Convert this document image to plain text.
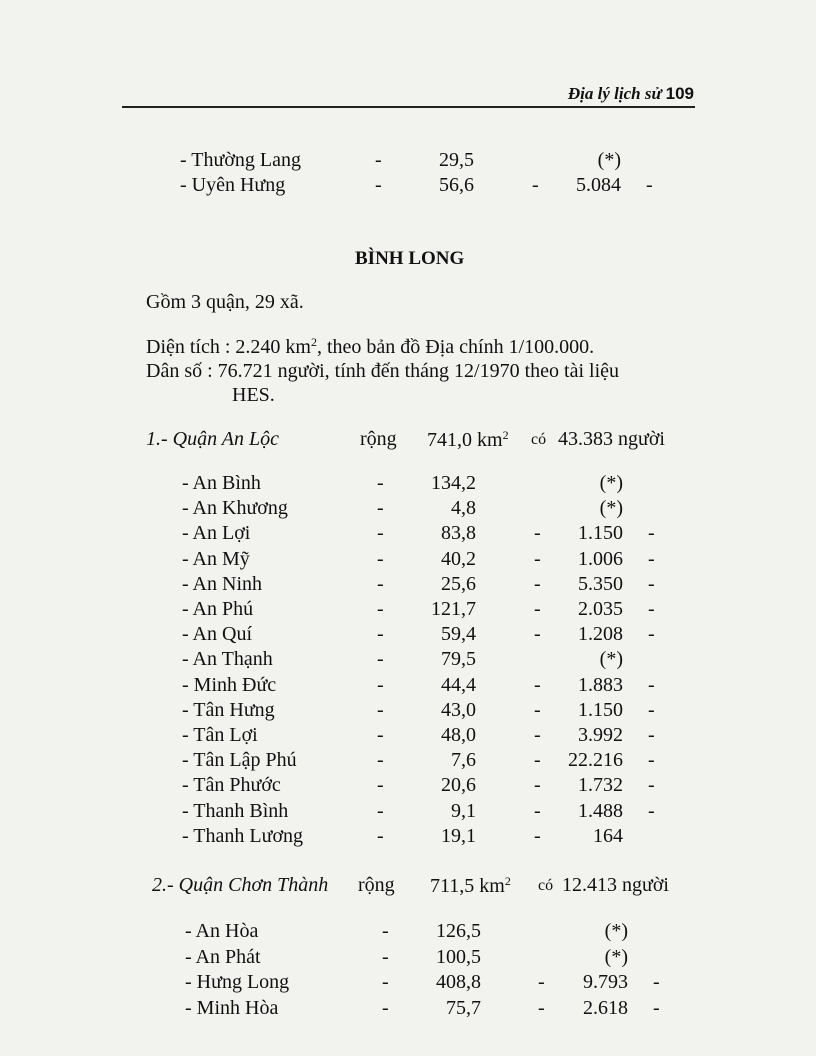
Địa lý lịch sử 109
- Thường Lang	-	29,5	(*)
- Uyên Hưng	-	56,6	- 5.084 -
BÌNH LONG
Gồm 3 quận, 29 xã.
Diện tích : 2.240 $km^2$, theo bản đồ Địa chính 1/100.000.
Dân số : 76.721 người, tính đến tháng 12/1970 theo tài liệu
HES.
1.- Quận An Lộc	rộng 741,0 $km^2$ có 43.383 người
- An Bình	- 134,2	(*)
- An Khương	-	4,8	(*)
- An Lợi	-	83,8	- 1.150 -
- An Mỹ	-	40,2	- 1.006 -
- An Ninh	-	25,6	- 5.350 -
- An Phú	- 121,7	- 2.035 -
- An Quí	-	59,4	- 1.208 -
- An Thạnh	-	79,5	(*)
- Minh Đức	-	44,4	- 1.883 -
- Tân Hưng	-	43,0	- 1.150 -
- Tân Lợi	-	48,0	- 3.992 -
- Tân Lập Phú	-	7,6	- 22.216 -
- Tân Phước	-	20,6	- 1.732 -
- Thanh Bình	-	9,1	- 1.488 -
- Thanh Lương	-	19,1	-	164
2.- Quận Chơn Thành rộng 711,5 $km^2$ có 12.413 người
- An Hòa	- 126,5	(*)
- An Phát	- 100,5	(*)
- Hưng Long	- 408,8	- 9.793 -
- Minh Hòa	-	75,7	- 2.618 -
